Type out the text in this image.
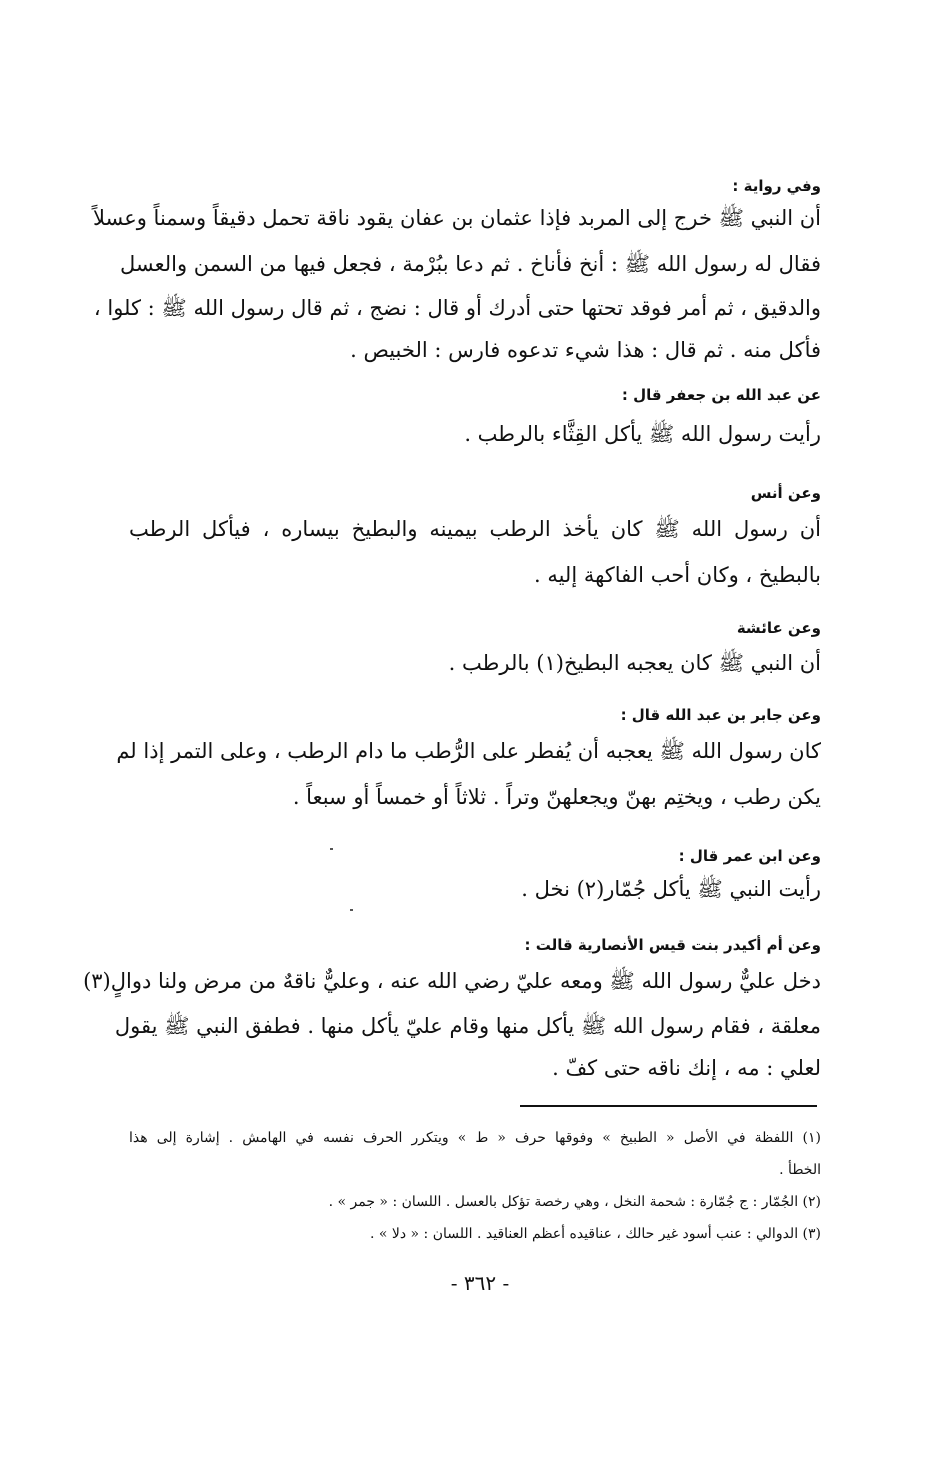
وفي رواية :
أن النبي ﷺ خرج إلى المربد فإذا عثمان بن عفان يقود ناقة تحمل دقيقاً وسمناً وعسلاً
فقال له رسول الله ﷺ : أنخ فأناخ . ثم دعا ببُرْمة ، فجعل فيها من السمن والعسل
والدقيق ، ثم أمر فوقد تحتها حتى أدرك أو قال : نضج ، ثم قال رسول الله ﷺ : كلوا ،
فأكل منه . ثم قال : هذا شيء تدعوه فارس : الخبيص .
عن عبد الله بن جعفر قال :
رأيت رسول الله ﷺ يأكل القِثَّاء بالرطب .
وعن أنس
أن رسول الله ﷺ كان يأخذ الرطب بيمينه والبطيخ بيساره ، فيأكل الرطب
بالبطيخ ، وكان أحب الفاكهة إليه .
وعن عائشة
أن النبي ﷺ كان يعجبه البطيخ(١) بالرطب .
وعن جابر بن عبد الله قال :
كان رسول الله ﷺ يعجبه أن يُفطر على الرُّطب ما دام الرطب ، وعلى التمر إذا لم
يكن رطب ، ويختِم بهنّ ويجعلهنّ وتراً . ثلاثاً أو خمساً أو سبعاً .
وعن ابن عمر قال :
رأيت النبي ﷺ يأكل جُمّار(٢) نخل .
وعن أم أكيدر بنت قيس الأنصارية قالت :
دخل عليٌّ رسول الله ﷺ ومعه عليّ رضي الله عنه ، وعليٌّ ناقهٌ من مرض ولنا دوالٍ(٣)
معلقة ، فقام رسول الله ﷺ يأكل منها وقام عليّ يأكل منها . فطفق النبي ﷺ يقول
لعلي : مه ، إنك ناقه حتى كفّ .
(١) اللفظة في الأصل « الطبيخ » وفوقها حرف « ط » ويتكرر الحرف نفسه في الهامش . إشارة إلى هذا
الخطأ .
(٢) الجُمّار : ج جُمّارة : شحمة النخل ، وهي رخصة تؤكل بالعسل . اللسان : « جمر » .
(٣) الدوالي : عنب أسود غير حالك ، عناقيده أعظم العناقيد . اللسان : « دلا » .
- ٣٦٢ -
